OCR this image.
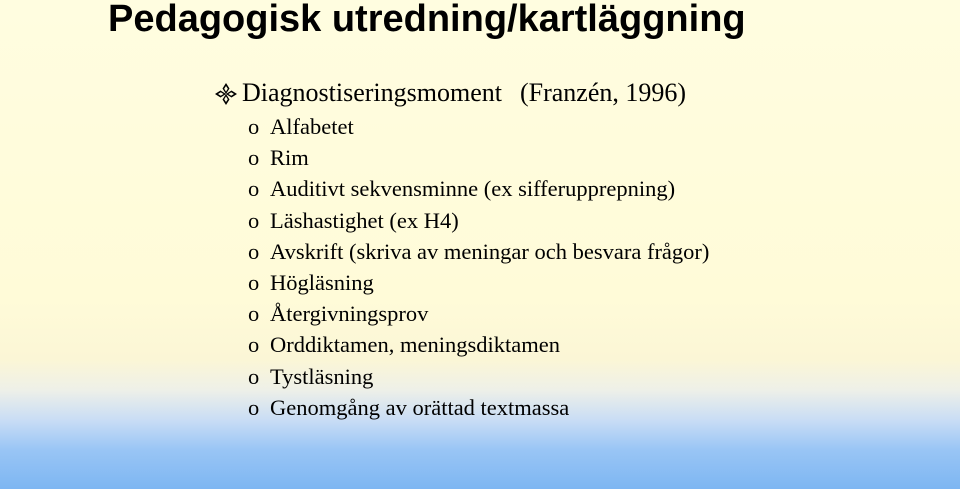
Pedagogisk utredning/kartläggning
Diagnostiseringsmoment (Franzén, 1996)
o Alfabetet
o Rim
o Auditivt sekvensminne (ex sifferupprepning)
o Läshastighet (ex H4)
o Avskrift (skriva av meningar och besvara frågor)
o Högläsning
o Återgivningsprov
o Orddiktamen, meningsdiktamen
o Tystläsning
o Genomgång av orättad textmassa
